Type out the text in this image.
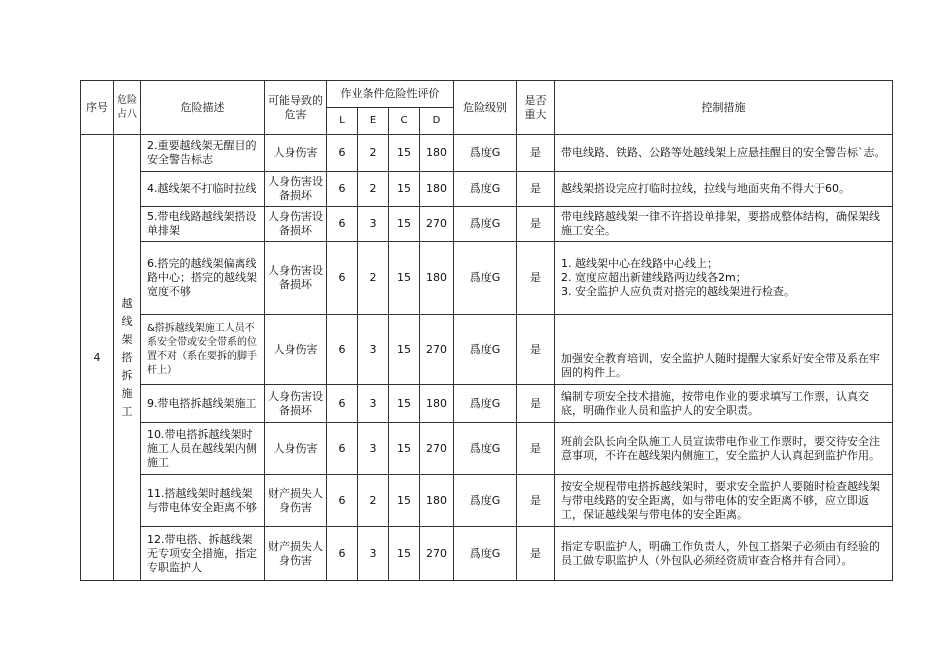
序号	危险占八	危险描述	可能导致的危害	作业条件危险性评价				危险级别	是否重大	控制措施
				L	E	C	D			
4	越线架搭拆施工	2.重要越线架无醒目的安全警告标志	人身伤害	6	2	15	180	爲度G	是	带电线路、铁路、公路等处越线架上应悬挂醒目的安全警告标`志。
		4.越线架不打临时拉线	人身伤害设备损坏	6	2	15	180	爲度G	是	越线架搭设完应打临时拉线，拉线与地面夹角不得大于60。
		5.带电线路越线架搭设单排架	人身伤害设备损坏	6	3	15	270	爲度G	是	带电线路越线架一律不许搭设单排架，要搭成整体结构，确保架线施工安全。
		6.搭完的越线架偏离线路中心；搭完的越线架宽度不够	人身伤害设备损坏	6	2	15	180	爲度G	是	1. 越线架中心在线路中心线上；
2. 宽度应超出新建线路两边线各2m；
3. 安全监护人应负责对搭完的越线架进行检查。

		&搭拆越线架施工人员不系安全带或安全带系的位置不对（系在要拆的脚手杆上）	人身伤害	6	3	15	270	爲度G	是	加强安全教育培训，安全监护人随时提醒大家系好安全带及系在牢固的构件上。
		9.带电搭拆越线架施工	人身伤害设备损坏	6	3	15	180	爲度G	是	编制专项安全技术措施，按带电作业的要求填写工作票，认真交底，明确作业人员和监护人的安全职责。
		10.带电搭拆越线架时施工人员在越线架内侧施工	人身伤害	6	3	15	270	爲度G	是	班前会队长向全队施工人员宣读带电作业工作票时，要交待安全注意事项，不许在越线架内侧施工，安全监护人认真起到监护作用。
		11.搭越线架时越线架与带电体安全距离不够	财产损失人身伤害	6	2	15	180	爲度G	是	按安全规程带电搭拆越线架时，要求安全监护人要随时检查越线架与带电线路的安全距离，如与带电体的安全距离不够，应立即返工，保证越线架与带电体的安全距离。
		12.带电搭、拆越线架无专项安全措施，指定专职监护人	财产损失人身伤害	6	3	15	270	爲度G	是	指定专职监护人，明确工作负责人，外包工搭架子必须由有经验的员工做专职监护人（外包队必须经资质审查合格并有合同）。
